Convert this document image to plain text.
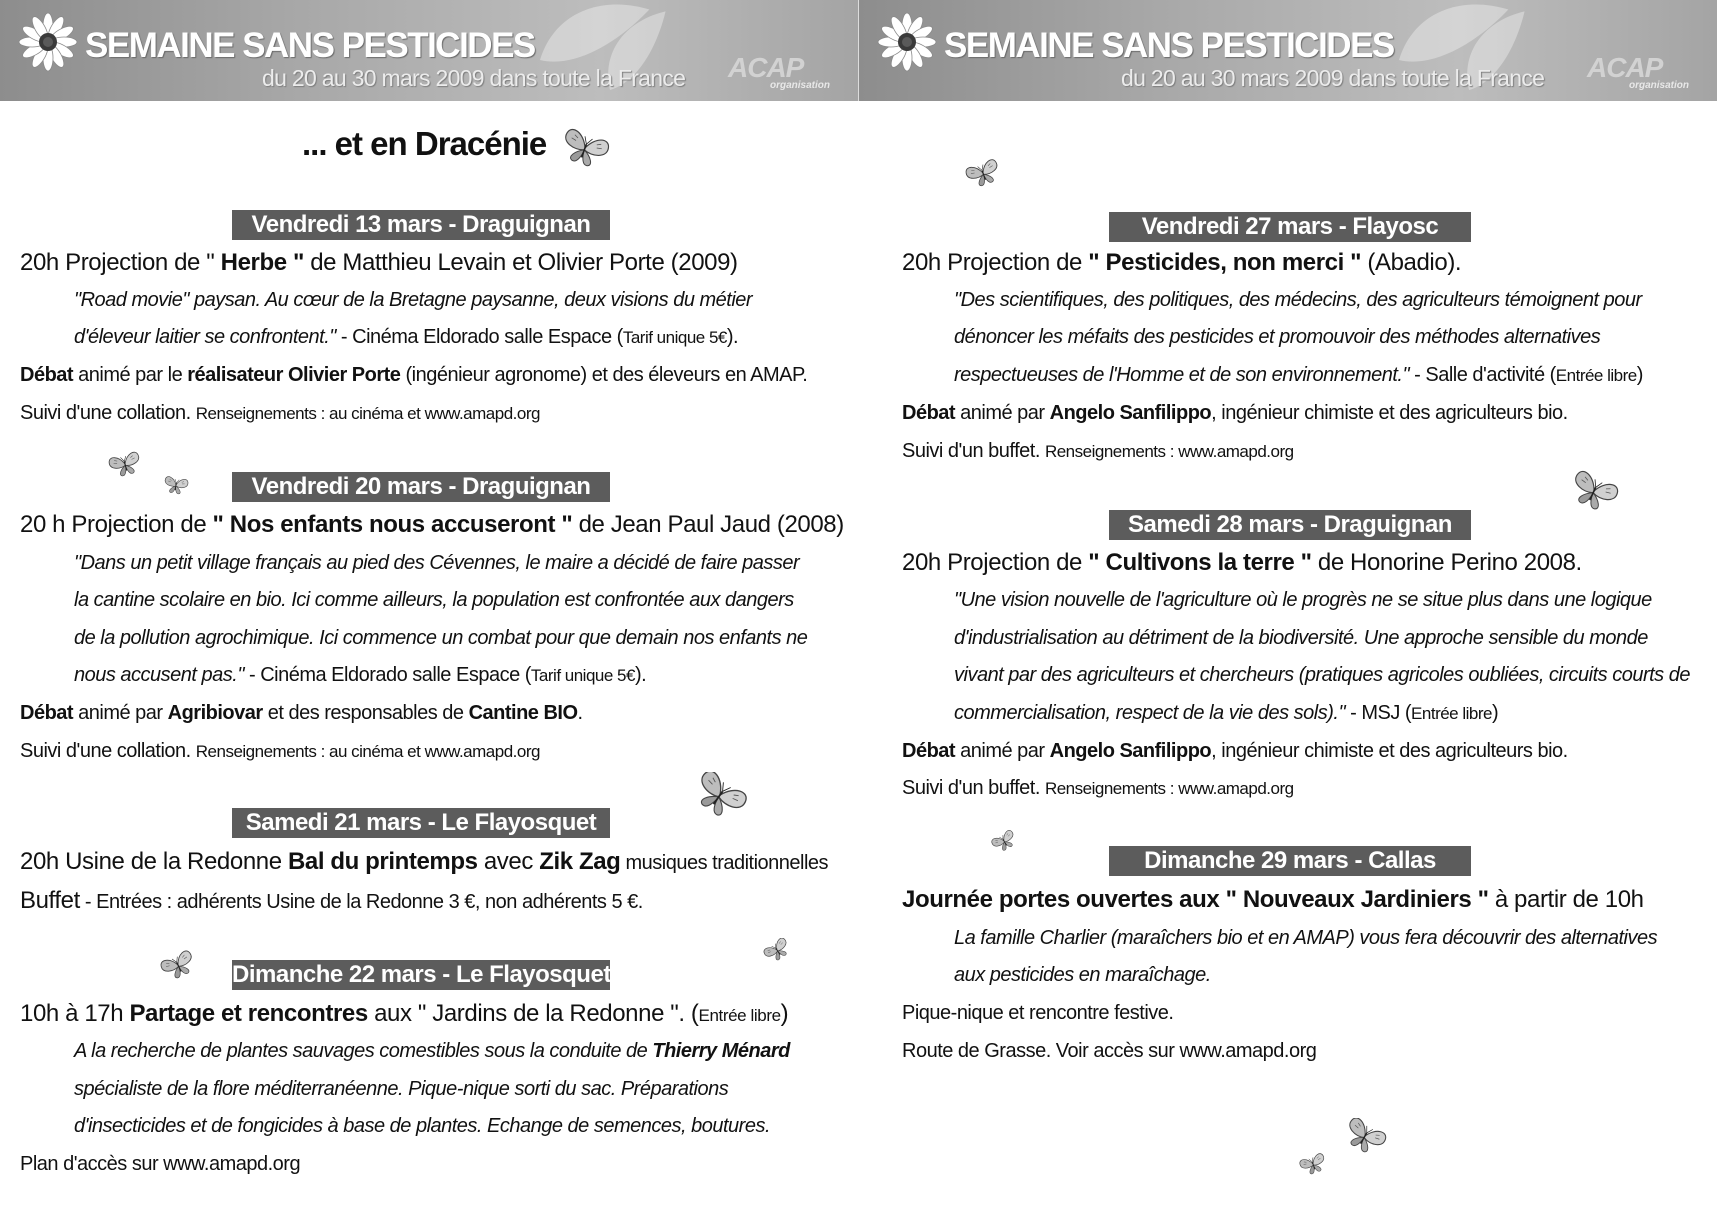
SEMAINE SANS PESTICIDES
du 20 au 30 mars 2009 dans toute la France ACAP
organisation
... et en Dracénie
Vendredi 13 mars - Draguignan
20h Projection de " Herbe " de Matthieu Levain et Olivier Porte (2009)
"Road movie" paysan. Au cœur de la Bretagne paysanne, deux visions du métier
d'éleveur laitier se confrontent." - Cinéma Eldorado salle Espace (Tarif unique 5€).
Débat animé par le réalisateur Olivier Porte (ingénieur agronome) et des éleveurs en AMAP.
Suivi d'une collation. Renseignements : au cinéma et www.amapd.org
Vendredi 20 mars - Draguignan
20 h Projection de " Nos enfants nous accuseront " de Jean Paul Jaud (2008)
"Dans un petit village français au pied des Cévennes, le maire a décidé de faire passer
la cantine scolaire en bio. Ici comme ailleurs, la population est confrontée aux dangers
de la pollution agrochimique. Ici commence un combat pour que demain nos enfants ne
nous accusent pas." - Cinéma Eldorado salle Espace (Tarif unique 5€).
Débat animé par Agribiovar et des responsables de Cantine BIO.
Suivi d'une collation. Renseignements : au cinéma et www.amapd.org
Samedi 21 mars - Le Flayosquet
20h Usine de la Redonne Bal du printemps avec Zik Zag musiques traditionnelles
Buffet - Entrées : adhérents Usine de la Redonne 3 €, non adhérents 5 €.
Dimanche 22 mars - Le Flayosquet
10h à 17h Partage et rencontres aux " Jardins de la Redonne ". (Entrée libre)
A la recherche de plantes sauvages comestibles sous la conduite de Thierry Ménard
spécialiste de la flore méditerranéenne. Pique-nique sorti du sac. Préparations
d'insecticides et de fongicides à base de plantes. Echange de semences, boutures.
Plan d'accès sur www.amapd.org
SEMAINE SANS PESTICIDES
du 20 au 30 mars 2009 dans toute la France ACAP
organisation
Vendredi 27 mars - Flayosc
20h Projection de " Pesticides, non merci " (Abadio).
"Des scientifiques, des politiques, des médecins, des agriculteurs témoignent pour
dénoncer les méfaits des pesticides et promouvoir des méthodes alternatives
respectueuses de l'Homme et de son environnement." - Salle d'activité (Entrée libre)
Débat animé par Angelo Sanfilippo, ingénieur chimiste et des agriculteurs bio.
Suivi d'un buffet. Renseignements : www.amapd.org
Samedi 28 mars - Draguignan
20h Projection de " Cultivons la terre " de Honorine Perino 2008.
"Une vision nouvelle de l'agriculture où le progrès ne se situe plus dans une logique
d'industrialisation au détriment de la biodiversité. Une approche sensible du monde
vivant par des agriculteurs et chercheurs (pratiques agricoles oubliées, circuits courts de
commercialisation, respect de la vie des sols)." - MSJ (Entrée libre)
Débat animé par Angelo Sanfilippo, ingénieur chimiste et des agriculteurs bio.
Suivi d'un buffet. Renseignements : www.amapd.org
Dimanche 29 mars - Callas
Journée portes ouvertes aux " Nouveaux Jardiniers " à partir de 10h
La famille Charlier (maraîchers bio et en AMAP) vous fera découvrir des alternatives
aux pesticides en maraîchage.
Pique-nique et rencontre festive.
Route de Grasse. Voir accès sur www.amapd.org
